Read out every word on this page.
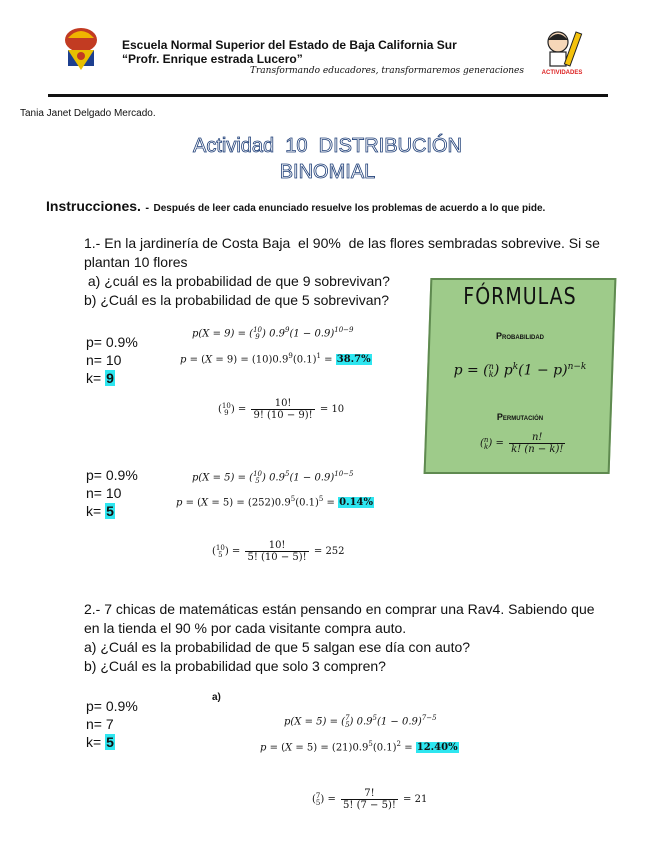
Escuela Normal Superior del Estado de Baja California Sur
“Profr. Enrique estrada Lucero”
Transformando educadores, transformaremos generaciones	ACTIVIDADES
Tania Janet Delgado Mercado.
Actividad  10  DISTRIBUCIÓN
BINOMIAL
Instrucciones. - Después de leer cada enunciado resuelve los problemas de acuerdo a lo que pide.
1.- En la jardinería de Costa Baja  el 90%  de las flores sembradas sobrevive. Si se
plantan 10 flores
a) ¿cuál es la probabilidad de que 9 sobrevivan?
b) ¿Cuál es la probabilidad de que 5 sobrevivan?	FÓRMULAS
Probabilidad
p = (n
k) $p^k(1 - p)^{n-k}$
Permutación
(n
$k) = \frac{n!}{k! (n - k)!}$
p= 0.9%
n= 10
k= 9
p(X = 9) = (10
9 ) $0.9^9(1 - 0.9)^{10-9}$
$p = (X = 9) = (10)0.9^9(0.1)^1 = 38.7\%$
(10
9 ) = $\frac{10!}{9! (10 - 9)!} = 10$
p= 0.9%
n= 10
k= 5
p(X = 5) = (10
5 ) $0.9^5(1 - 0.9)^{10-5}$
$p = (X = 5) = (252)0.9^5(0.1)^5 = 0.14\%$
(10
5 ) = $\frac{10!}{5! (10 - 5)!} = 252$
2.- 7 chicas de matemáticas están pensando en comprar una Rav4. Sabiendo que
en la tienda el 90 % por cada visitante compra auto.
a) ¿Cuál es la probabilidad de que 5 salgan ese día con auto?
b) ¿Cuál es la probabilidad que solo 3 compren?
p= 0.9%
n= 7
k= 5
a)
p(X = 5) = (7
5) $0.9^5(1 - 0.9)^{7-5}$
$p = (X = 5) = (21)0.9^5(0.1)^2 = 12.40\%$
(7
$5) = \frac{7!}{5! (7 - 5)!} = 21$
